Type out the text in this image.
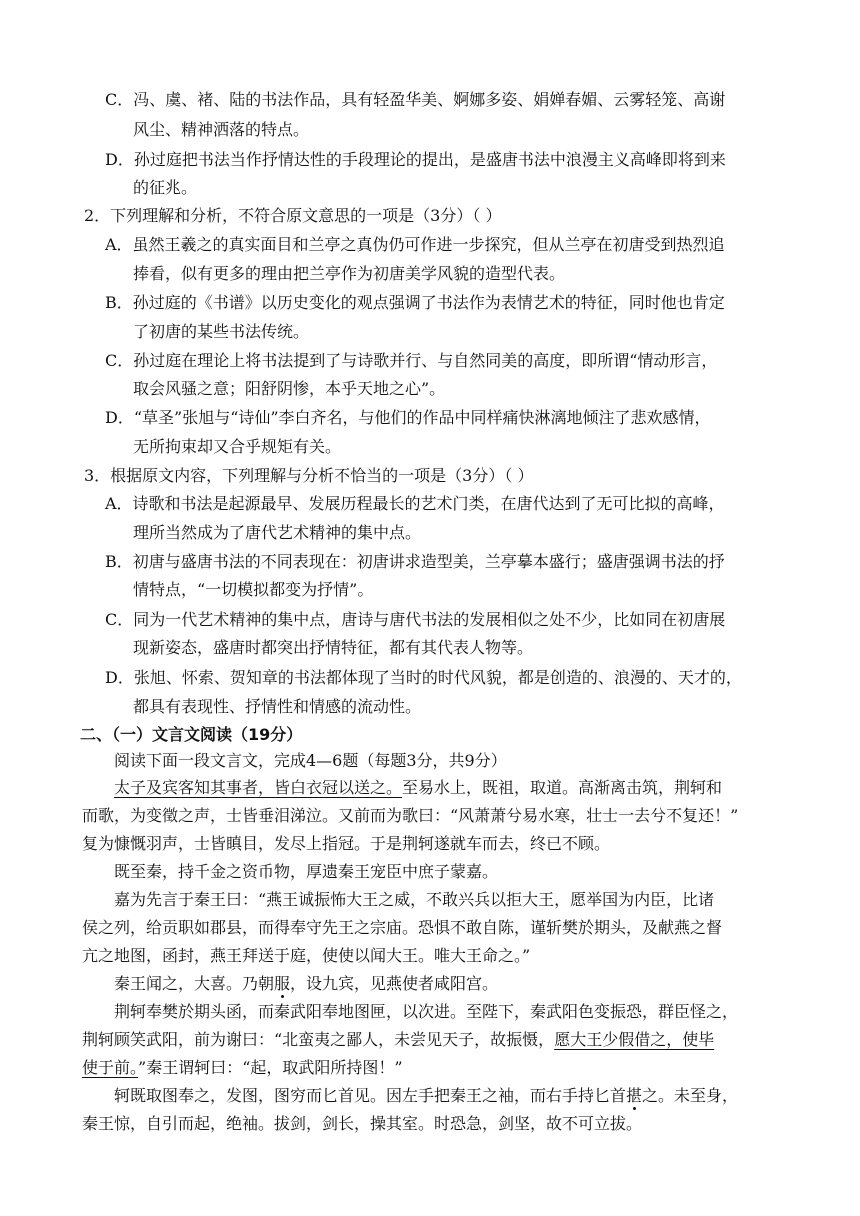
C．冯、虞、褚、陆的书法作品，具有轻盈华美、婀娜多姿、娟婵春媚、云雾轻笼、高谢
风尘、精神洒落的特点。
D．孙过庭把书法当作抒情达性的手段理论的提出，是盛唐书法中浪漫主义高峰即将到来
的征兆。
2．下列理解和分析，不符合原文意思的一项是（3分）（ ）
A．虽然王羲之的真实面目和兰亭之真伪仍可作进一步探究，但从兰亭在初唐受到热烈追
捧看，似有更多的理由把兰亭作为初唐美学风貌的造型代表。
B．孙过庭的《书谱》以历史变化的观点强调了书法作为表情艺术的特征，同时他也肯定
了初唐的某些书法传统。
C．孙过庭在理论上将书法提到了与诗歌并行、与自然同美的高度，即所谓“情动形言，
取会风骚之意；阳舒阴惨，本乎天地之心”。
D．“草圣”张旭与“诗仙”李白齐名，与他们的作品中同样痛快淋漓地倾注了悲欢感情，
无所拘束却又合乎规矩有关。
3．根据原文内容，下列理解与分析不恰当的一项是（3分）（ ）
A．诗歌和书法是起源最早、发展历程最长的艺术门类，在唐代达到了无可比拟的高峰，
理所当然成为了唐代艺术精神的集中点。
B．初唐与盛唐书法的不同表现在：初唐讲求造型美，兰亭摹本盛行；盛唐强调书法的抒
情特点，“一切模拟都变为抒情”。
C．同为一代艺术精神的集中点，唐诗与唐代书法的发展相似之处不少，比如同在初唐展
现新姿态，盛唐时都突出抒情特征，都有其代表人物等。
D．张旭、怀索、贺知章的书法都体现了当时的时代风貌，都是创造的、浪漫的、天才的，
都具有表现性、抒情性和情感的流动性。
二、（一）文言文阅读（19分）
阅读下面一段文言文，完成4—6题（每题3分，共9分）
太子及宾客知其事者，皆白衣冠以送之。至易水上，既祖，取道。高渐离击筑，荆轲和
而歌，为变徵之声，士皆垂泪涕泣。又前而为歌曰：“风萧萧兮易水寒，壮士一去兮不复还！”
复为慷慨羽声，士皆瞋目，发尽上指冠。于是荆轲遂就车而去，终已不顾。
既至秦，持千金之资币物，厚遗秦王宠臣中庶子蒙嘉。
嘉为先言于秦王曰：“燕王诚振怖大王之威，不敢兴兵以拒大王，愿举国为内臣，比诸
侯之列，给贡职如郡县，而得奉守先王之宗庙。恐惧不敢自陈，谨斩樊於期头，及献燕之督
亢之地图，函封，燕王拜送于庭，使使以闻大王。唯大王命之。”
秦王闻之，大喜。乃朝服，设九宾，见燕使者咸阳宫。
荆轲奉樊於期头函，而秦武阳奉地图匣，以次进。至陛下，秦武阳色变振恐，群臣怪之，
荆轲顾笑武阳，前为谢曰：“北蛮夷之鄙人，未尝见天子，故振慑，愿大王少假借之，使毕
使于前。”秦王谓轲曰：“起，取武阳所持图！”
轲既取图奉之，发图，图穷而匕首见。因左手把秦王之袖，而右手持匕首揕之。未至身，
秦王惊，自引而起，绝袖。拔剑，剑长，操其室。时恐急，剑坚，故不可立拔。
